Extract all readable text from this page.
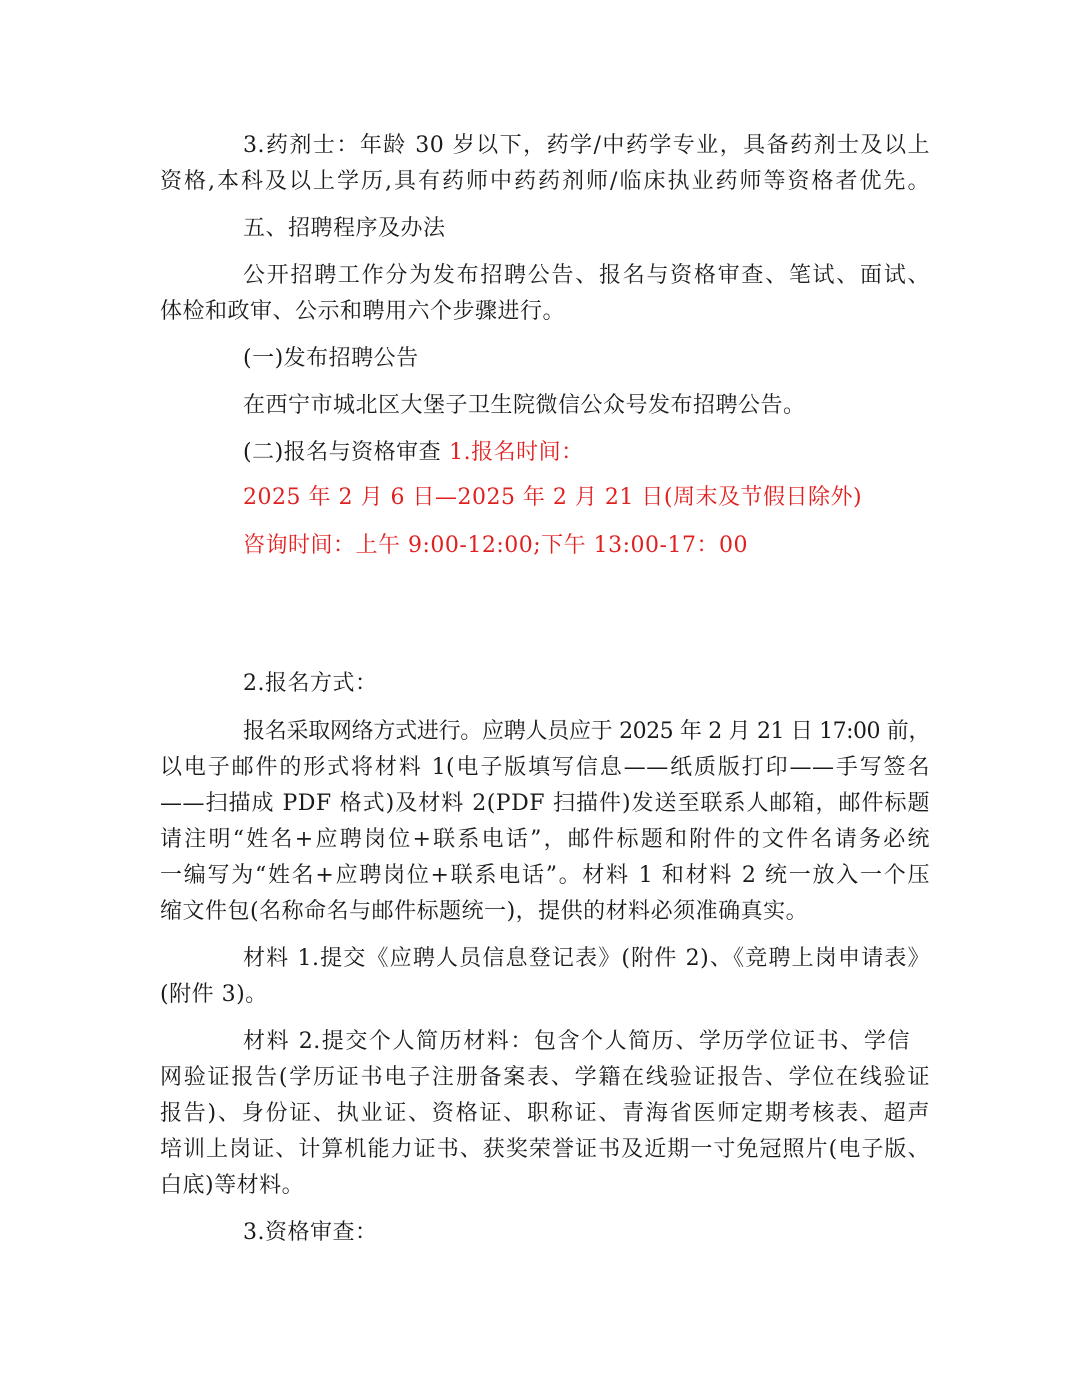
3.药剂士：年龄 30 岁以下，药学/中药学专业，具备药剂士及以上
资格,本科及以上学历,具有药师中药药剂师/临床执业药师等资格者优先。
五、招聘程序及办法
公开招聘工作分为发布招聘公告、报名与资格审查、笔试、面试、
体检和政审、公示和聘用六个步骤进行。
(一)发布招聘公告
在西宁市城北区大堡子卫生院微信公众号发布招聘公告。
(二)报名与资格审查 1.报名时间：
2025 年 2 月 6 日—2025 年 2 月 21 日(周末及节假日除外)
咨询时间：上午 9:00-12:00;下午 13:00-17：00
2.报名方式：
报名采取网络方式进行。应聘人员应于 2025 年 2 月 21 日 17:00 前，
以电子邮件的形式将材料 1(电子版填写信息——纸质版打印——手写签名
——扫描成 PDF 格式)及材料 2(PDF 扫描件)发送至联系人邮箱，邮件标题
请注明“姓名+应聘岗位+联系电话”，邮件标题和附件的文件名请务必统
一编写为“姓名+应聘岗位+联系电话”。材料 1 和材料 2 统一放入一个压
缩文件包(名称命名与邮件标题统一)，提供的材料必须准确真实。
材料 1.提交《应聘人员信息登记表》(附件 2)、《竞聘上岗申请表》
(附件 3)。
材料 2.提交个人简历材料：包含个人简历、学历学位证书、学信
网验证报告(学历证书电子注册备案表、学籍在线验证报告、学位在线验证
报告)、身份证、执业证、资格证、职称证、青海省医师定期考核表、超声
培训上岗证、计算机能力证书、获奖荣誉证书及近期一寸免冠照片(电子版、
白底)等材料。
3.资格审查：
